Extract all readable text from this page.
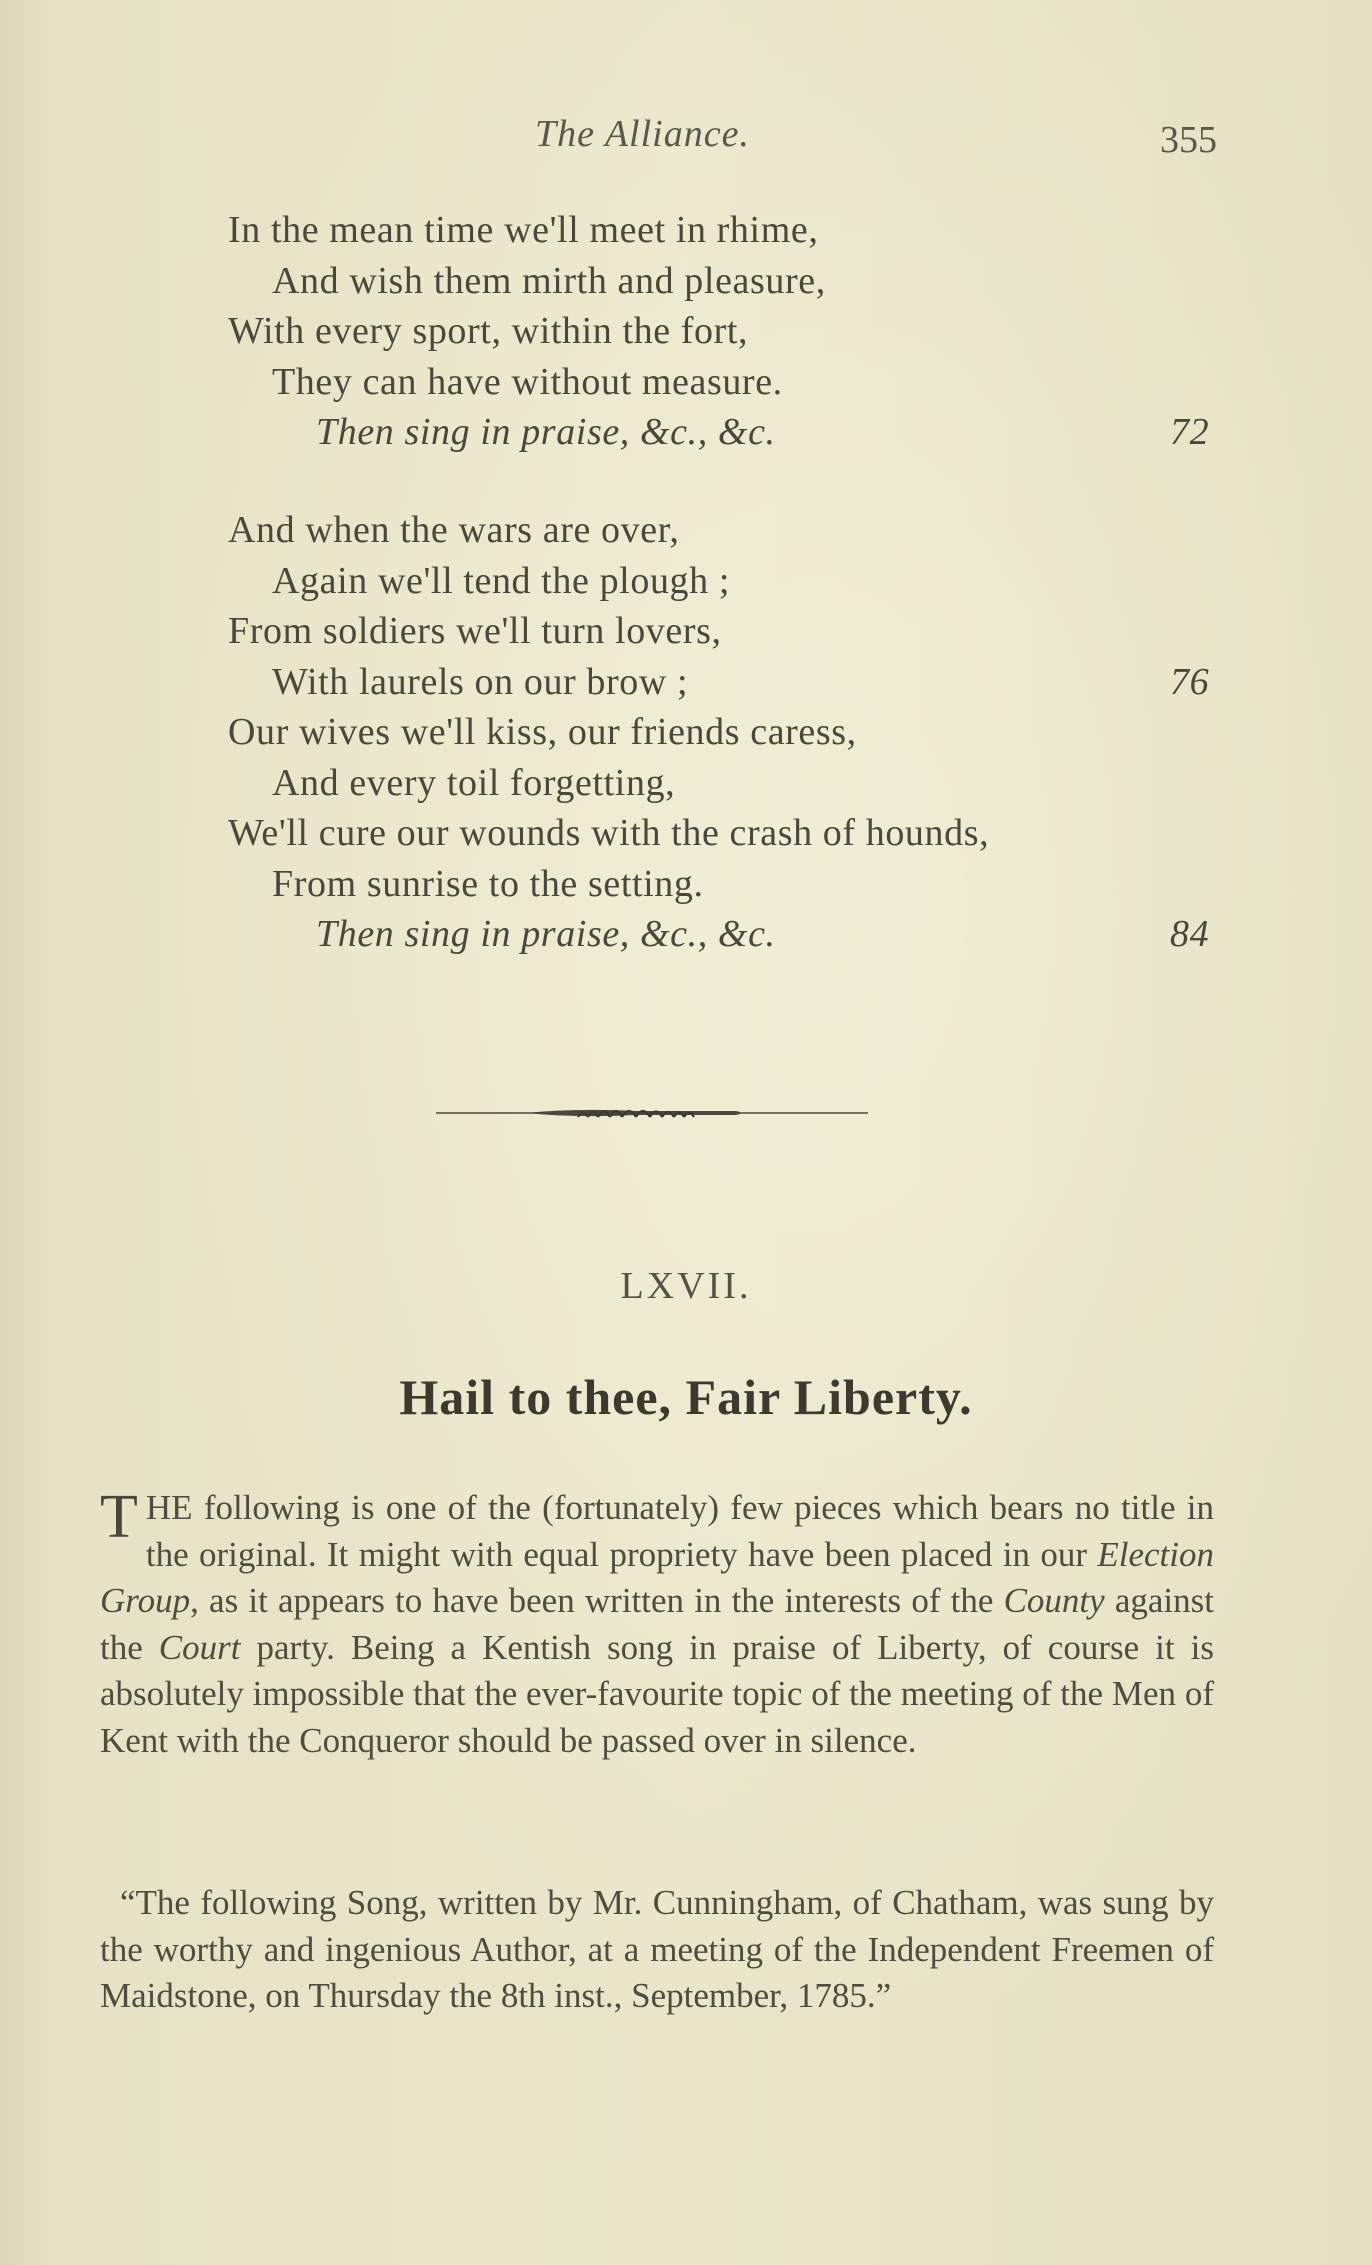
The Alliance.	355
In the mean time we'll meet in rhime,
And wish them mirth and pleasure,
With every sport, within the fort,
They can have without measure.
Then sing in praise, &c., &c.	72
And when the wars are over,
Again we'll tend the plough ;
From soldiers we'll turn lovers,
With laurels on our brow ;	76
Our wives we'll kiss, our friends caress,
And every toil forgetting,
We'll cure our wounds with the crash of hounds,
From sunrise to the setting.
Then sing in praise, &c., &c.	84
LXVII.
Hail to thee, Fair Liberty.

THE following is one of the (fortunately) few pieces which bears no title in the original. It might with equal propriety have been placed in our Election Group, as it appears to have been written in the interests of the County against the Court party. Being a Kentish song in praise of Liberty, of course it is absolutely impossible that the ever-favourite topic of the meeting of the Men of Kent with the Conqueror should be passed over in silence.

“The following Song, written by Mr. Cunningham, of Chatham, was sung by the worthy and ingenious Author, at a meeting of the Independent Freemen of Maidstone, on Thursday the 8th inst., September, 1785.”
